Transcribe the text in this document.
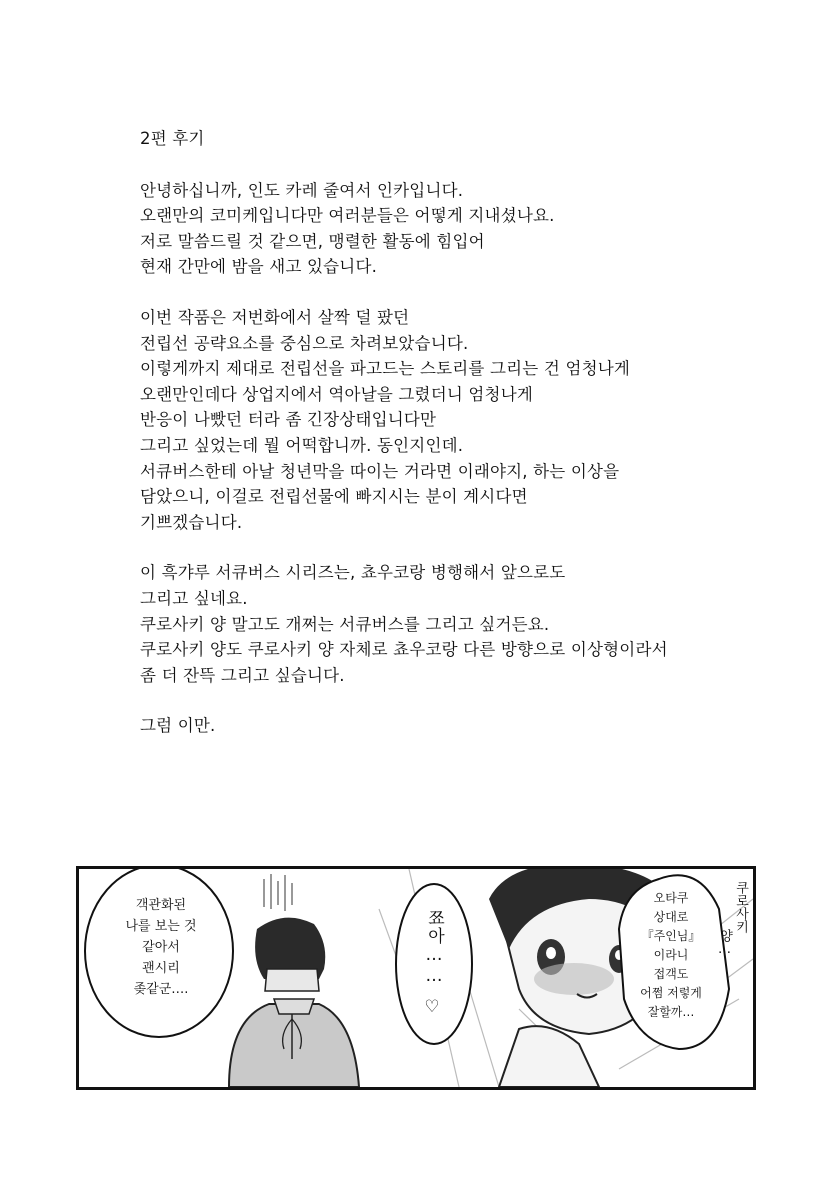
2편 후기
안녕하십니까, 인도 카레 줄여서 인카입니다.
오랜만의 코미케입니다만 여러분들은 어떻게 지내셨나요.
저로 말씀드릴 것 같으면, 맹렬한 활동에 힘입어
현재 간만에 밤을 새고 있습니다.
이번 작품은 저번화에서 살짝 덜 팠던
전립선 공략요소를 중심으로 차려보았습니다.
이렇게까지 제대로 전립선을 파고드는 스토리를 그리는 건 엄청나게
오랜만인데다 상업지에서 역아날을 그렸더니 엄청나게
반응이 나빴던 터라 좀 긴장상태입니다만
그리고 싶었는데 뭘 어떡합니까. 동인지인데.
서큐버스한테 아날 청년막을 따이는 거라면 이래야지, 하는 이상을
담았으니, 이걸로 전립선물에 빠지시는 분이 계시다면
기쁘겠습니다.
이 흑갸루 서큐버스 시리즈는, 쵸우코랑 병행해서 앞으로도
그리고 싶네요.
쿠로사키 양 말고도 개쩌는 서큐버스를 그리고 싶거든요.
쿠로사키 양도 쿠로사키 양 자체로 쵸우코랑 다른 방향으로 이상형이라서
좀 더 잔뜩 그리고 싶습니다.
그럼 이만.
객관화된
나를 보는 것
같아서
괜시리
좆같군….
쬬아……
♡
오타쿠
상대로
『주인님』
이라니
접객도
어쩜 저렇게
잘할까…
쿠로사키
양…
